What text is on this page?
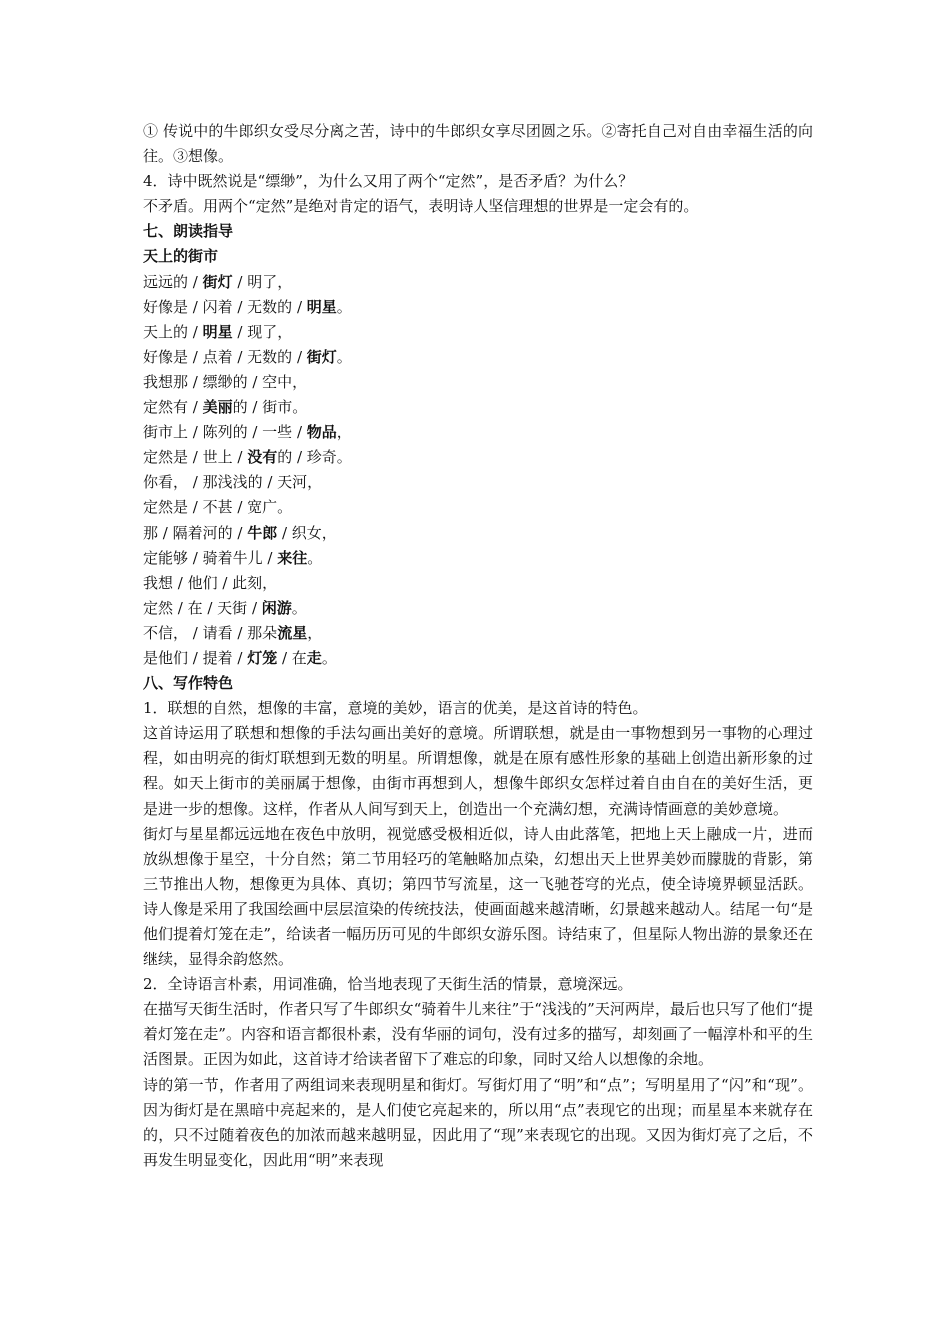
① 传说中的牛郎织女受尽分离之苦，诗中的牛郎织女享尽团圆之乐。②寄托自己对自由幸福生活的向往。③想像。

4．诗中既然说是“缥缈”，为什么又用了两个“定然”，是否矛盾？为什么？

不矛盾。用两个“定然”是绝对肯定的语气，表明诗人坚信理想的世界是一定会有的。

七、朗读指导

天上的街市

远远的 / 街灯 / 明了，

好像是 / 闪着 / 无数的 / 明星。

天上的 / 明星 / 现了，

好像是 / 点着 / 无数的 / 街灯。

我想那 / 缥缈的 / 空中，

定然有 / 美丽的 / 街市。

街市上 / 陈列的 / 一些 / 物品，

定然是 / 世上 / 没有的 / 珍奇。

你看， / 那浅浅的 / 天河，

定然是 / 不甚 / 宽广。

那 / 隔着河的 / 牛郎 / 织女，

定能够 / 骑着牛儿 / 来往。

我想 / 他们 / 此刻，

定然 / 在 / 天街 / 闲游。

不信， / 请看 / 那朵流星，

是他们 / 提着 / 灯笼 / 在走。

八、写作特色

1．联想的自然，想像的丰富，意境的美妙，语言的优美，是这首诗的特色。

这首诗运用了联想和想像的手法勾画出美好的意境。所谓联想，就是由一事物想到另一事物的心理过程，如由明亮的街灯联想到无数的明星。所谓想像，就是在原有感性形象的基础上创造出新形象的过程。如天上街市的美丽属于想像，由街市再想到人，想像牛郎织女怎样过着自由自在的美好生活，更是进一步的想像。这样，作者从人间写到天上，创造出一个充满幻想，充满诗情画意的美妙意境。

街灯与星星都远远地在夜色中放明，视觉感受极相近似，诗人由此落笔，把地上天上融成一片，进而放纵想像于星空，十分自然；第二节用轻巧的笔触略加点染，幻想出天上世界美妙而朦胧的背影，第三节推出人物，想像更为具体、真切；第四节写流星，这一飞驰苍穹的光点，使全诗境界顿显活跃。诗人像是采用了我国绘画中层层渲染的传统技法，使画面越来越清晰，幻景越来越动人。结尾一句“是他们提着灯笼在走”，给读者一幅历历可见的牛郎织女游乐图。诗结束了，但星际人物出游的景象还在继续，显得余韵悠然。

2．全诗语言朴素，用词准确，恰当地表现了天街生活的情景，意境深远。

在描写天街生活时，作者只写了牛郎织女“骑着牛儿来往”于“浅浅的”天河两岸，最后也只写了他们“提着灯笼在走”。内容和语言都很朴素，没有华丽的词句，没有过多的描写，却刻画了一幅淳朴和平的生活图景。正因为如此，这首诗才给读者留下了难忘的印象，同时又给人以想像的余地。

诗的第一节，作者用了两组词来表现明星和街灯。写街灯用了“明”和“点”；写明星用了“闪”和“现”。因为街灯是在黑暗中亮起来的，是人们使它亮起来的，所以用“点”表现它的出现；而星星本来就存在的，只不过随着夜色的加浓而越来越明显，因此用了“现”来表现它的出现。又因为街灯亮了之后，不再发生明显变化，因此用“明”来表现
